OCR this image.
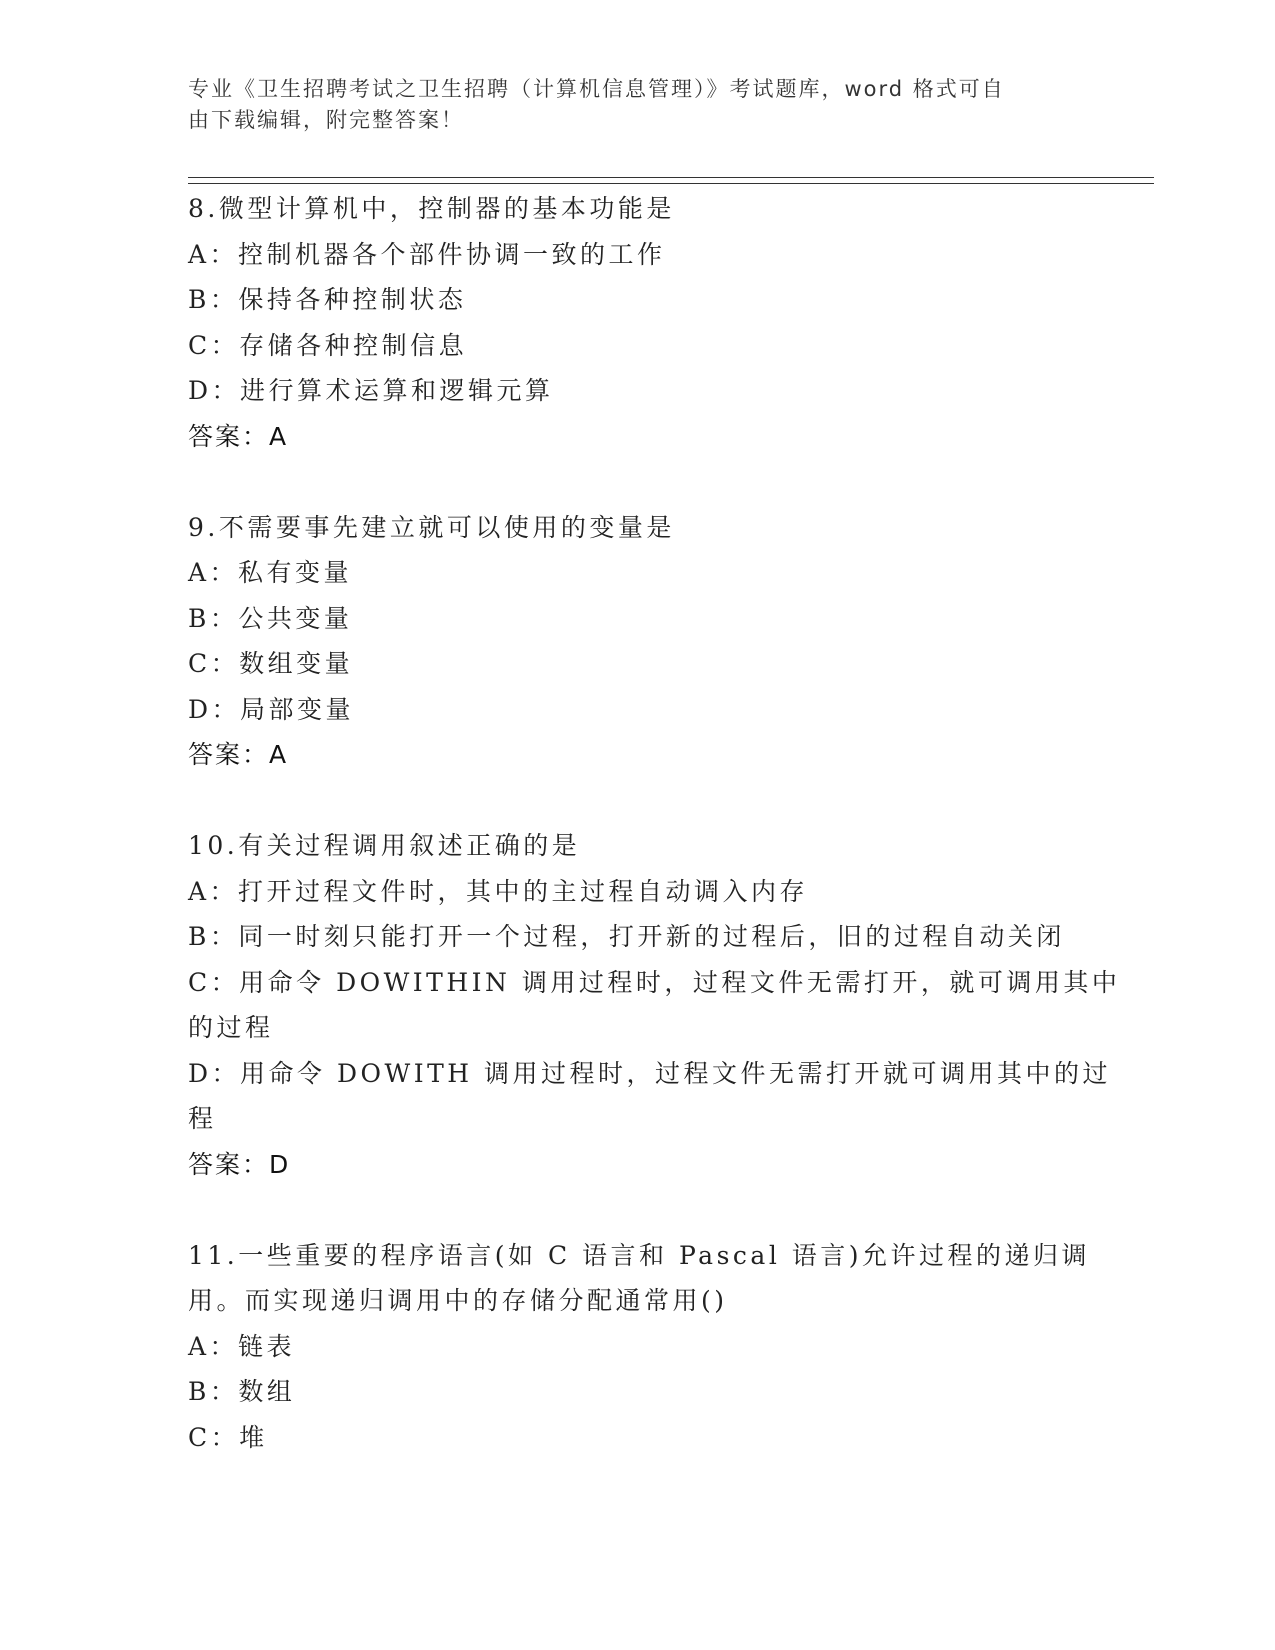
专业《卫生招聘考试之卫生招聘（计算机信息管理）》考试题库，word 格式可自
由下载编辑，附完整答案！
8.微型计算机中，控制器的基本功能是
A：控制机器各个部件协调一致的工作
B：保持各种控制状态
C：存储各种控制信息
D：进行算术运算和逻辑元算
答案：A
9.不需要事先建立就可以使用的变量是
A：私有变量
B：公共变量
C：数组变量
D：局部变量
答案：A
10.有关过程调用叙述正确的是
A：打开过程文件时，其中的主过程自动调入内存
B：同一时刻只能打开一个过程，打开新的过程后，旧的过程自动关闭
C：用命令 DOWITHIN 调用过程时，过程文件无需打开，就可调用其中
的过程
D：用命令 DOWITH 调用过程时，过程文件无需打开就可调用其中的过
程
答案：D
11.一些重要的程序语言(如 C 语言和 Pascal 语言)允许过程的递归调
用。而实现递归调用中的存储分配通常用()
A：链表
B：数组
C：堆
